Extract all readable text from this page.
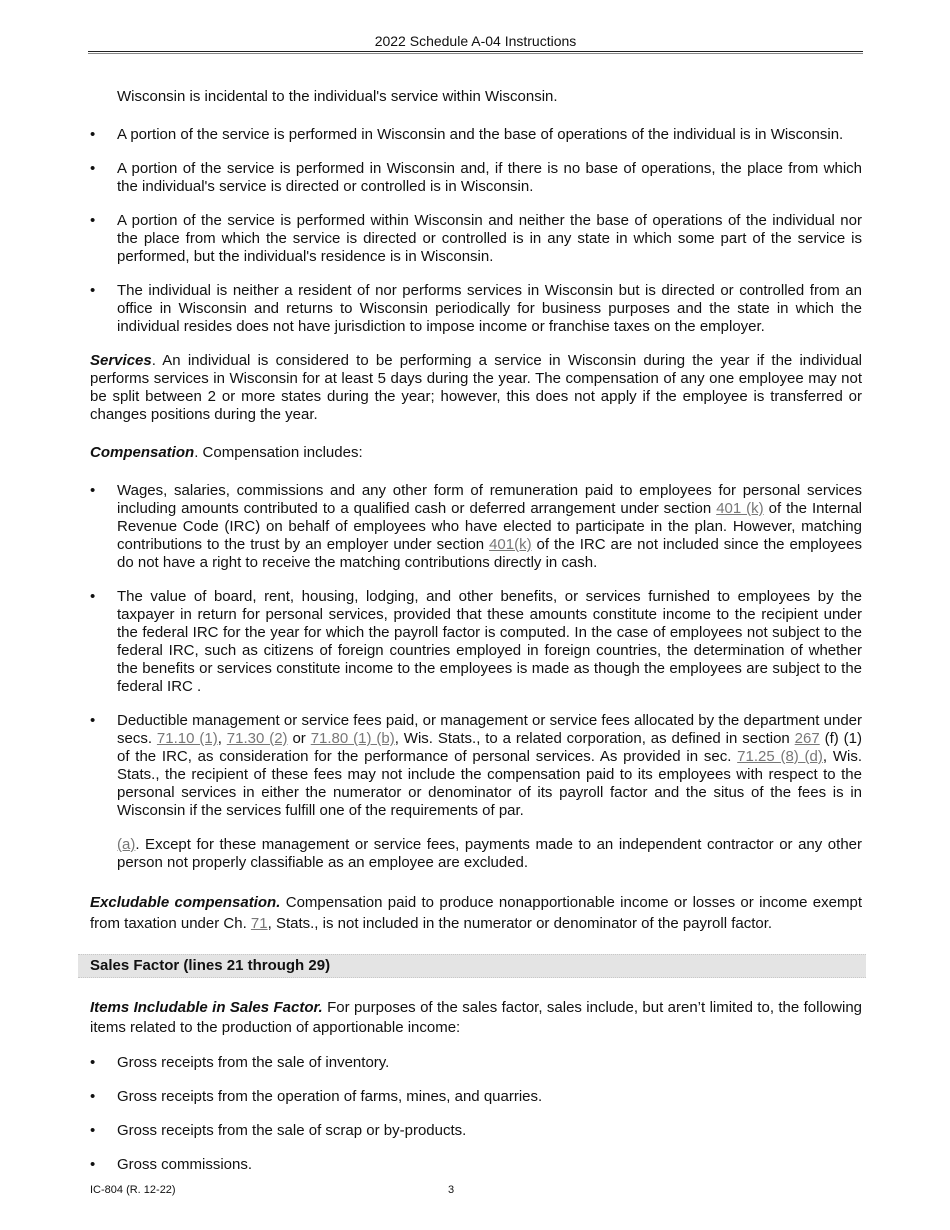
2022 Schedule A-04 Instructions

Wisconsin is incidental to the individual's service within Wisconsin.

• A portion of the service is performed in Wisconsin and the base of operations of the individual is in Wisconsin.
• A portion of the service is performed in Wisconsin and, if there is no base of operations, the place from which the individual's service is directed or controlled is in Wisconsin.
• A portion of the service is performed within Wisconsin and neither the base of operations of the individual nor the place from which the service is directed or controlled is in any state in which some part of the service is performed, but the individual's residence is in Wisconsin.
• The individual is neither a resident of nor performs services in Wisconsin but is directed or controlled from an office in Wisconsin and returns to Wisconsin periodically for business purposes and the state in which the individual resides does not have jurisdiction to impose income or franchise taxes on the employer.

Services. An individual is considered to be performing a service in Wisconsin during the year if the individual performs services in Wisconsin for at least 5 days during the year. The compensation of any one employee may not be split between 2 or more states during the year; however, this does not apply if the employee is transferred or changes positions during the year.

Compensation. Compensation includes:

• Wages, salaries, commissions and any other form of remuneration paid to employees for personal services including amounts contributed to a qualified cash or deferred arrangement under section 401 (k) of the Internal Revenue Code (IRC) on behalf of employees who have elected to participate in the plan. However, matching contributions to the trust by an employer under section 401(k) of the IRC are not included since the employees do not have a right to receive the matching contributions directly in cash.
• The value of board, rent, housing, lodging, and other benefits, or services furnished to employees by the taxpayer in return for personal services, provided that these amounts constitute income to the recipient under the federal IRC for the year for which the payroll factor is computed. In the case of employees not subject to the federal IRC, such as citizens of foreign countries employed in foreign countries, the determination of whether the benefits or services constitute income to the employees is made as though the employees are subject to the federal IRC .
• Deductible management or service fees paid, or management or service fees allocated by the department under secs. 71.10 (1), 71.30 (2) or 71.80 (1) (b), Wis. Stats., to a related corporation, as defined in section 267 (f) (1) of the IRC, as consideration for the performance of personal services. As provided in sec. 71.25 (8) (d), Wis. Stats., the recipient of these fees may not include the compensation paid to its employees with respect to the personal services in either the numerator or denominator of its payroll factor and the situs of the fees is in Wisconsin if the services fulfill one of the requirements of par.

(a). Except for these management or service fees, payments made to an independent contractor or any other person not properly classifiable as an employee are excluded.

Excludable compensation. Compensation paid to produce nonapportionable income or losses or income exempt from taxation under Ch. 71, Stats., is not included in the numerator or denominator of the payroll factor.

Sales Factor (lines 21 through 29)

Items Includable in Sales Factor. For purposes of the sales factor, sales include, but aren’t limited to, the following items related to the production of apportionable income:

• Gross receipts from the sale of inventory.
• Gross receipts from the operation of farms, mines, and quarries.
• Gross receipts from the sale of scrap or by-products.
• Gross commissions.
IC-804 (R. 12-22)	3
